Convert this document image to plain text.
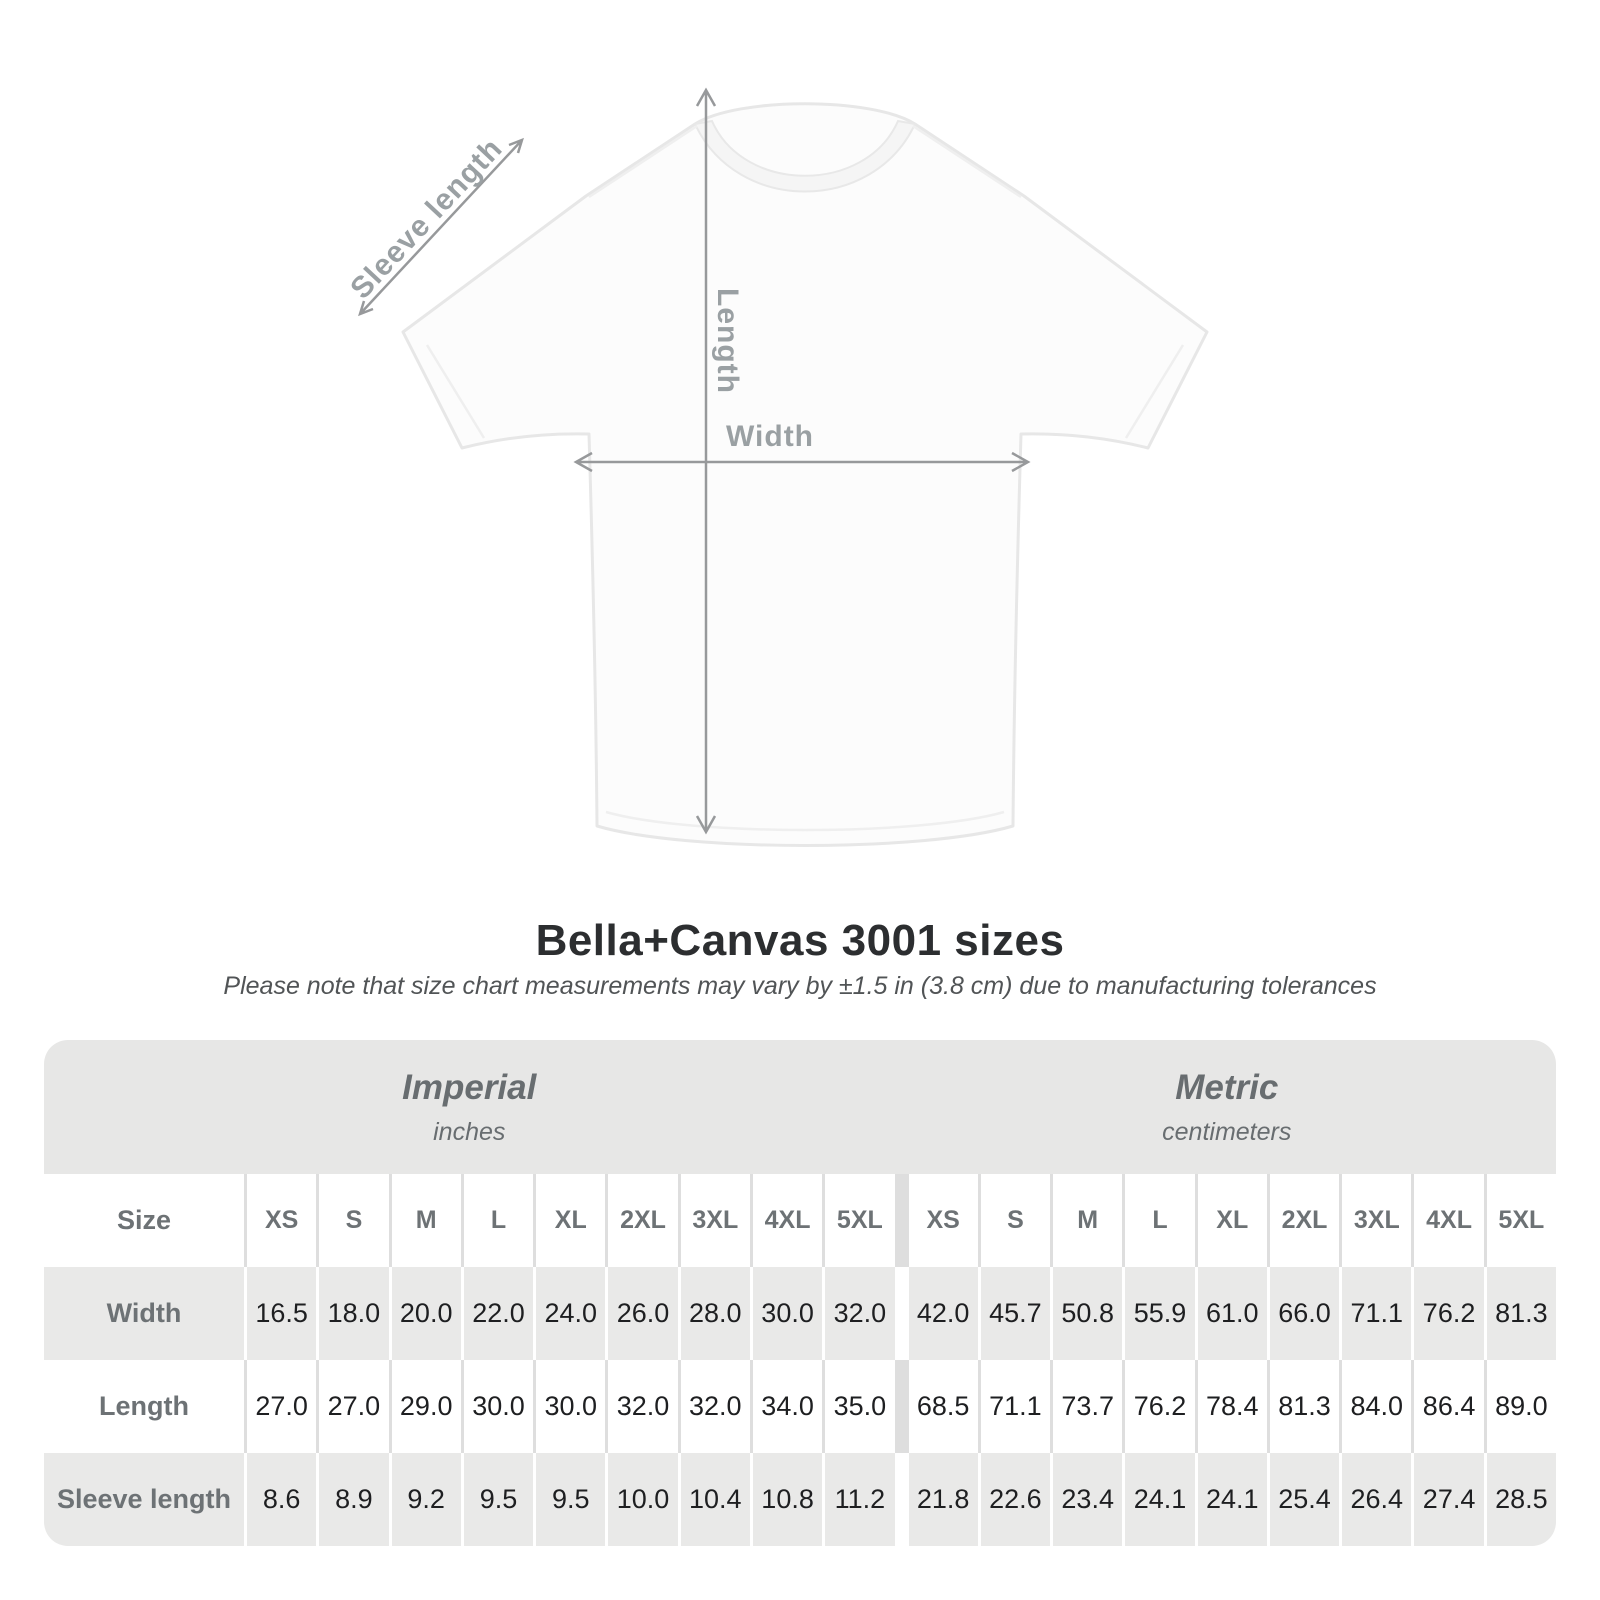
Sleeve length
Length
Width
Bella+Canvas 3001 sizes
Please note that size chart measurements may vary by ±1.5 in (3.8 cm) due to manufacturing tolerances
Imperial
inches
Metric
centimeters
Size	XS	S	M	L	XL	2XL	3XL	4XL	5XL	XS	S	M	L	XL	2XL	3XL	4XL	5XL
Width	16.5 18.0 20.0 22.0 24.0 26.0 28.0 30.0 32.0	42.0 45.7 50.8 55.9 61.0 66.0 71.1 76.2 81.3
Length	27.0 27.0 29.0 30.0 30.0 32.0 32.0 34.0 35.0	68.5 71.1 73.7 76.2 78.4 81.3 84.0 86.4 89.0
Sleeve length	8.6	8.9	9.2	9.5	9.5	10.0 10.4 10.8 11.2	21.8 22.6 23.4 24.1 24.1 25.4 26.4 27.4 28.5
